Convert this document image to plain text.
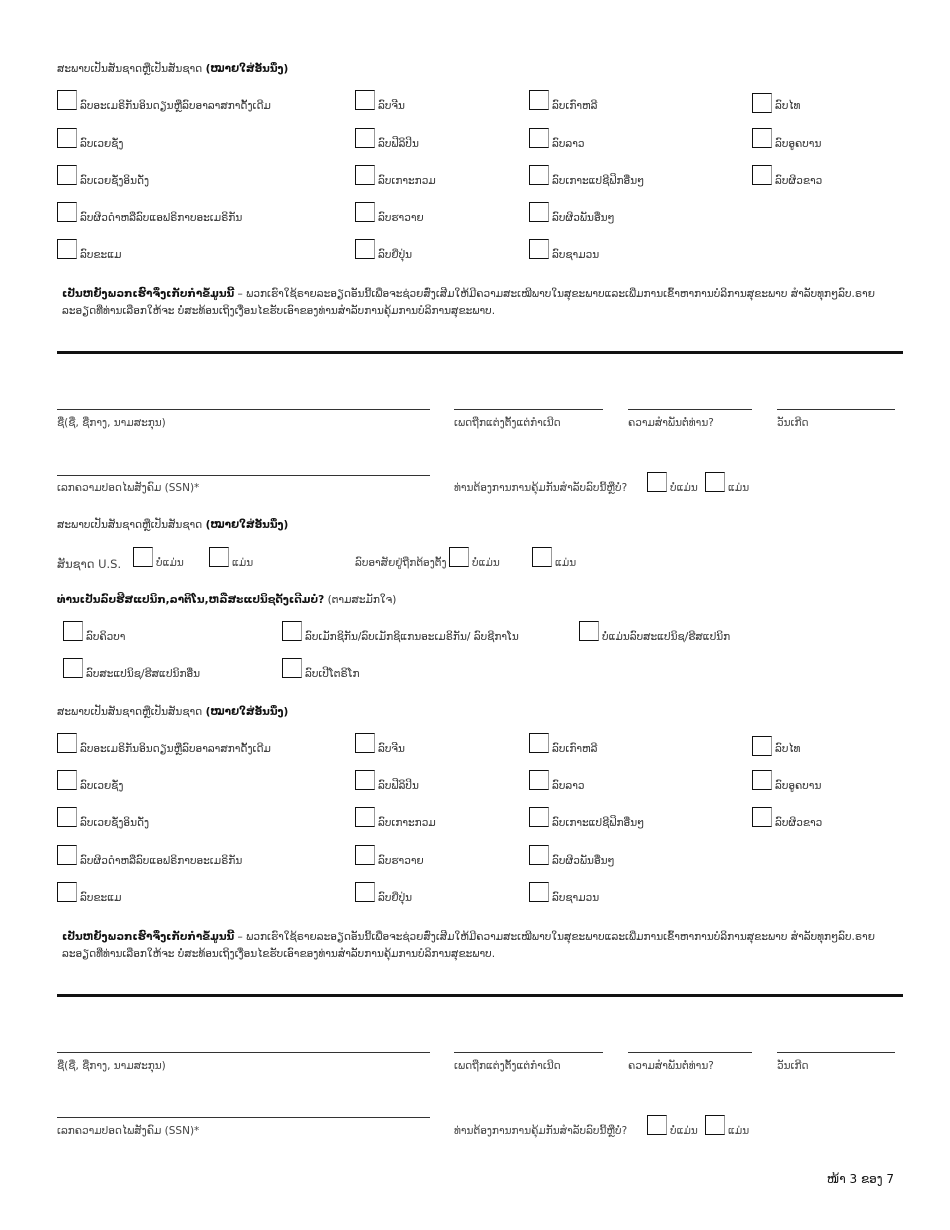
ສະພາບເປັນສັນຊາດຫຼືເປັນສັນຊາດ (ໝາຍໃສ່ອັນນຶ່ງ)
ລົບອະເມຣິກັນອິນດຽນຫຼືລົບອາລາສກາດັ້ງເດີມ	ລົບຈີນ	ລົບເກົາຫລີ	ລົບໄທ
ລົບເວຍຊັ່ງ	ລົບຟີລິປິນ	ລົບລາວ	ລົບອູຄບານ
ລົບເວຍຊັ່ງອິນດັ່ງ	ລົບເກາະກວມ	ລົບເກາະແປຊີຟິກອື່ນໆ	ລົບຜິວຂາວ
ລົບຜິວດຳຫລືລົບແອຟຣິກາບອະເມຣິກັນ	ລົບຮາວາຍ	ລົບຜິວພັນອື່ນໆ
ລົບຂະແມ	ລົບຍີ່ປຸ່ນ	ລົບຊາມວນ
ເປັນຫຍັງພວກເຮົາຈຶ່ງເກັບກຳຂໍ້ມູນນີ້ – ພວກເຮົາໃຊ້ຣາຍລະອຽດອັນນີ້ເພື່ອຈະຊ່ວຍສົ່ງເສີມໃຫ້ມີຄວາມສະເໝີພາບໃນສຸຂະພາບແລະເພີ່ມການເຂົ້າຫາການບໍລິການສຸຂະພາບ ສຳລັບທຸກໆລົບ.ຣາຍລະອຽດທີ່ທ່ານເລືອກໃຫ້ຈະ ບໍ່ສະທ້ອນເຖິງເງື່ອນໄຂຮັບເອົາຂອງທ່ານສຳລັບການຄຸ້ມການບໍລິການສຸຂະພາບ.
ຊື່(ຊື່, ຊື່ກາງ, ນາມສະກຸນ)	ເພດຖືກແຕ່ງຕັ້ງແຕ່ກຳເນີດ	ຄວາມສຳພັນຕໍ່ທ່ານ?	ວັນເກີດ
ເລກຄວາມປອດໄພສັງຄົມ (SSN)*	ທ່ານຕ້ອງການການຄຸ້ມກັນສຳລັບລົບນີ້ຫຼືບໍ່?	ບໍ່ແມ່ນ	ແມ່ນ
ສະພາບເປັນສັນຊາດຫຼືເປັນສັນຊາດ (ໝາຍໃສ່ອັນນຶ່ງ)
ສັນຊາດ U.S.	ບໍ່ແມ່ນ	ແມ່ນ	ລົບອາສັຍຢູ່ຖືກຕ້ອງຕັ້ງ ບໍ່ແມ່ນ	ແມ່ນ
ທ່ານເປັນລົບຮີສແປນິກ,ລາຕິໂນ,ຫລືສະແປນິຊດັ້ງເດີມບໍ່? (ຕາມສະມັກໃຈ)
ລົບຄິວບາ	ລົບເມັກຊິກັນ/ລົບເມັກຊິແກນອະເມຣິກັນ/ ລົບຊີກາໂນ	ບໍ່ແມ່ນລົບສະແປນິຊ/ຮີສແປນິກ
ລົບສະແປນິຊ/ຮີສແປນິກອື່ນ	ລົບເປີໂຕຣິໂກ
ສະພາບເປັນສັນຊາດຫຼືເປັນສັນຊາດ (ໝາຍໃສ່ອັນນຶ່ງ)
ລົບອະເມຣິກັນອິນດຽນຫຼືລົບອາລາສກາດັ້ງເດີມ	ລົບຈີນ	ລົບເກົາຫລີ	ລົບໄທ
ລົບເວຍຊັ່ງ	ລົບຟີລິປິນ	ລົບລາວ	ລົບອູຄບານ
ລົບເວຍຊັ່ງອິນດັ່ງ	ລົບເກາະກວມ	ລົບເກາະແປຊີຟິກອື່ນໆ	ລົບຜິວຂາວ
ລົບຜິວດຳຫລືລົບແອຟຣິກາບອະເມຣິກັນ	ລົບຮາວາຍ	ລົບຜິວພັນອື່ນໆ
ລົບຂະແມ	ລົບຍີ່ປຸ່ນ	ລົບຊາມວນ
ເປັນຫຍັງພວກເຮົາຈຶ່ງເກັບກຳຂໍ້ມູນນີ້ – ພວກເຮົາໃຊ້ຣາຍລະອຽດອັນນີ້ເພື່ອຈະຊ່ວຍສົ່ງເສີມໃຫ້ມີຄວາມສະເໝີພາບໃນສຸຂະພາບແລະເພີ່ມການເຂົ້າຫາການບໍລິການສຸຂະພາບ ສຳລັບທຸກໆລົບ.ຣາຍລະອຽດທີ່ທ່ານເລືອກໃຫ້ຈະ ບໍ່ສະທ້ອນເຖິງເງື່ອນໄຂຮັບເອົາຂອງທ່ານສຳລັບການຄຸ້ມການບໍລິການສຸຂະພາບ.
ຊື່(ຊື່, ຊື່ກາງ, ນາມສະກຸນ)	ເພດຖືກແຕ່ງຕັ້ງແຕ່ກຳເນີດ	ຄວາມສຳພັນຕໍ່ທ່ານ?	ວັນເກີດ
ເລກຄວາມປອດໄພສັງຄົມ (SSN)*	ທ່ານຕ້ອງການການຄຸ້ມກັນສຳລັບລົບນີ້ຫຼືບໍ່?	ບໍ່ແມ່ນ	ແມ່ນ
ໜ້າ 3 ຂອງ 7
